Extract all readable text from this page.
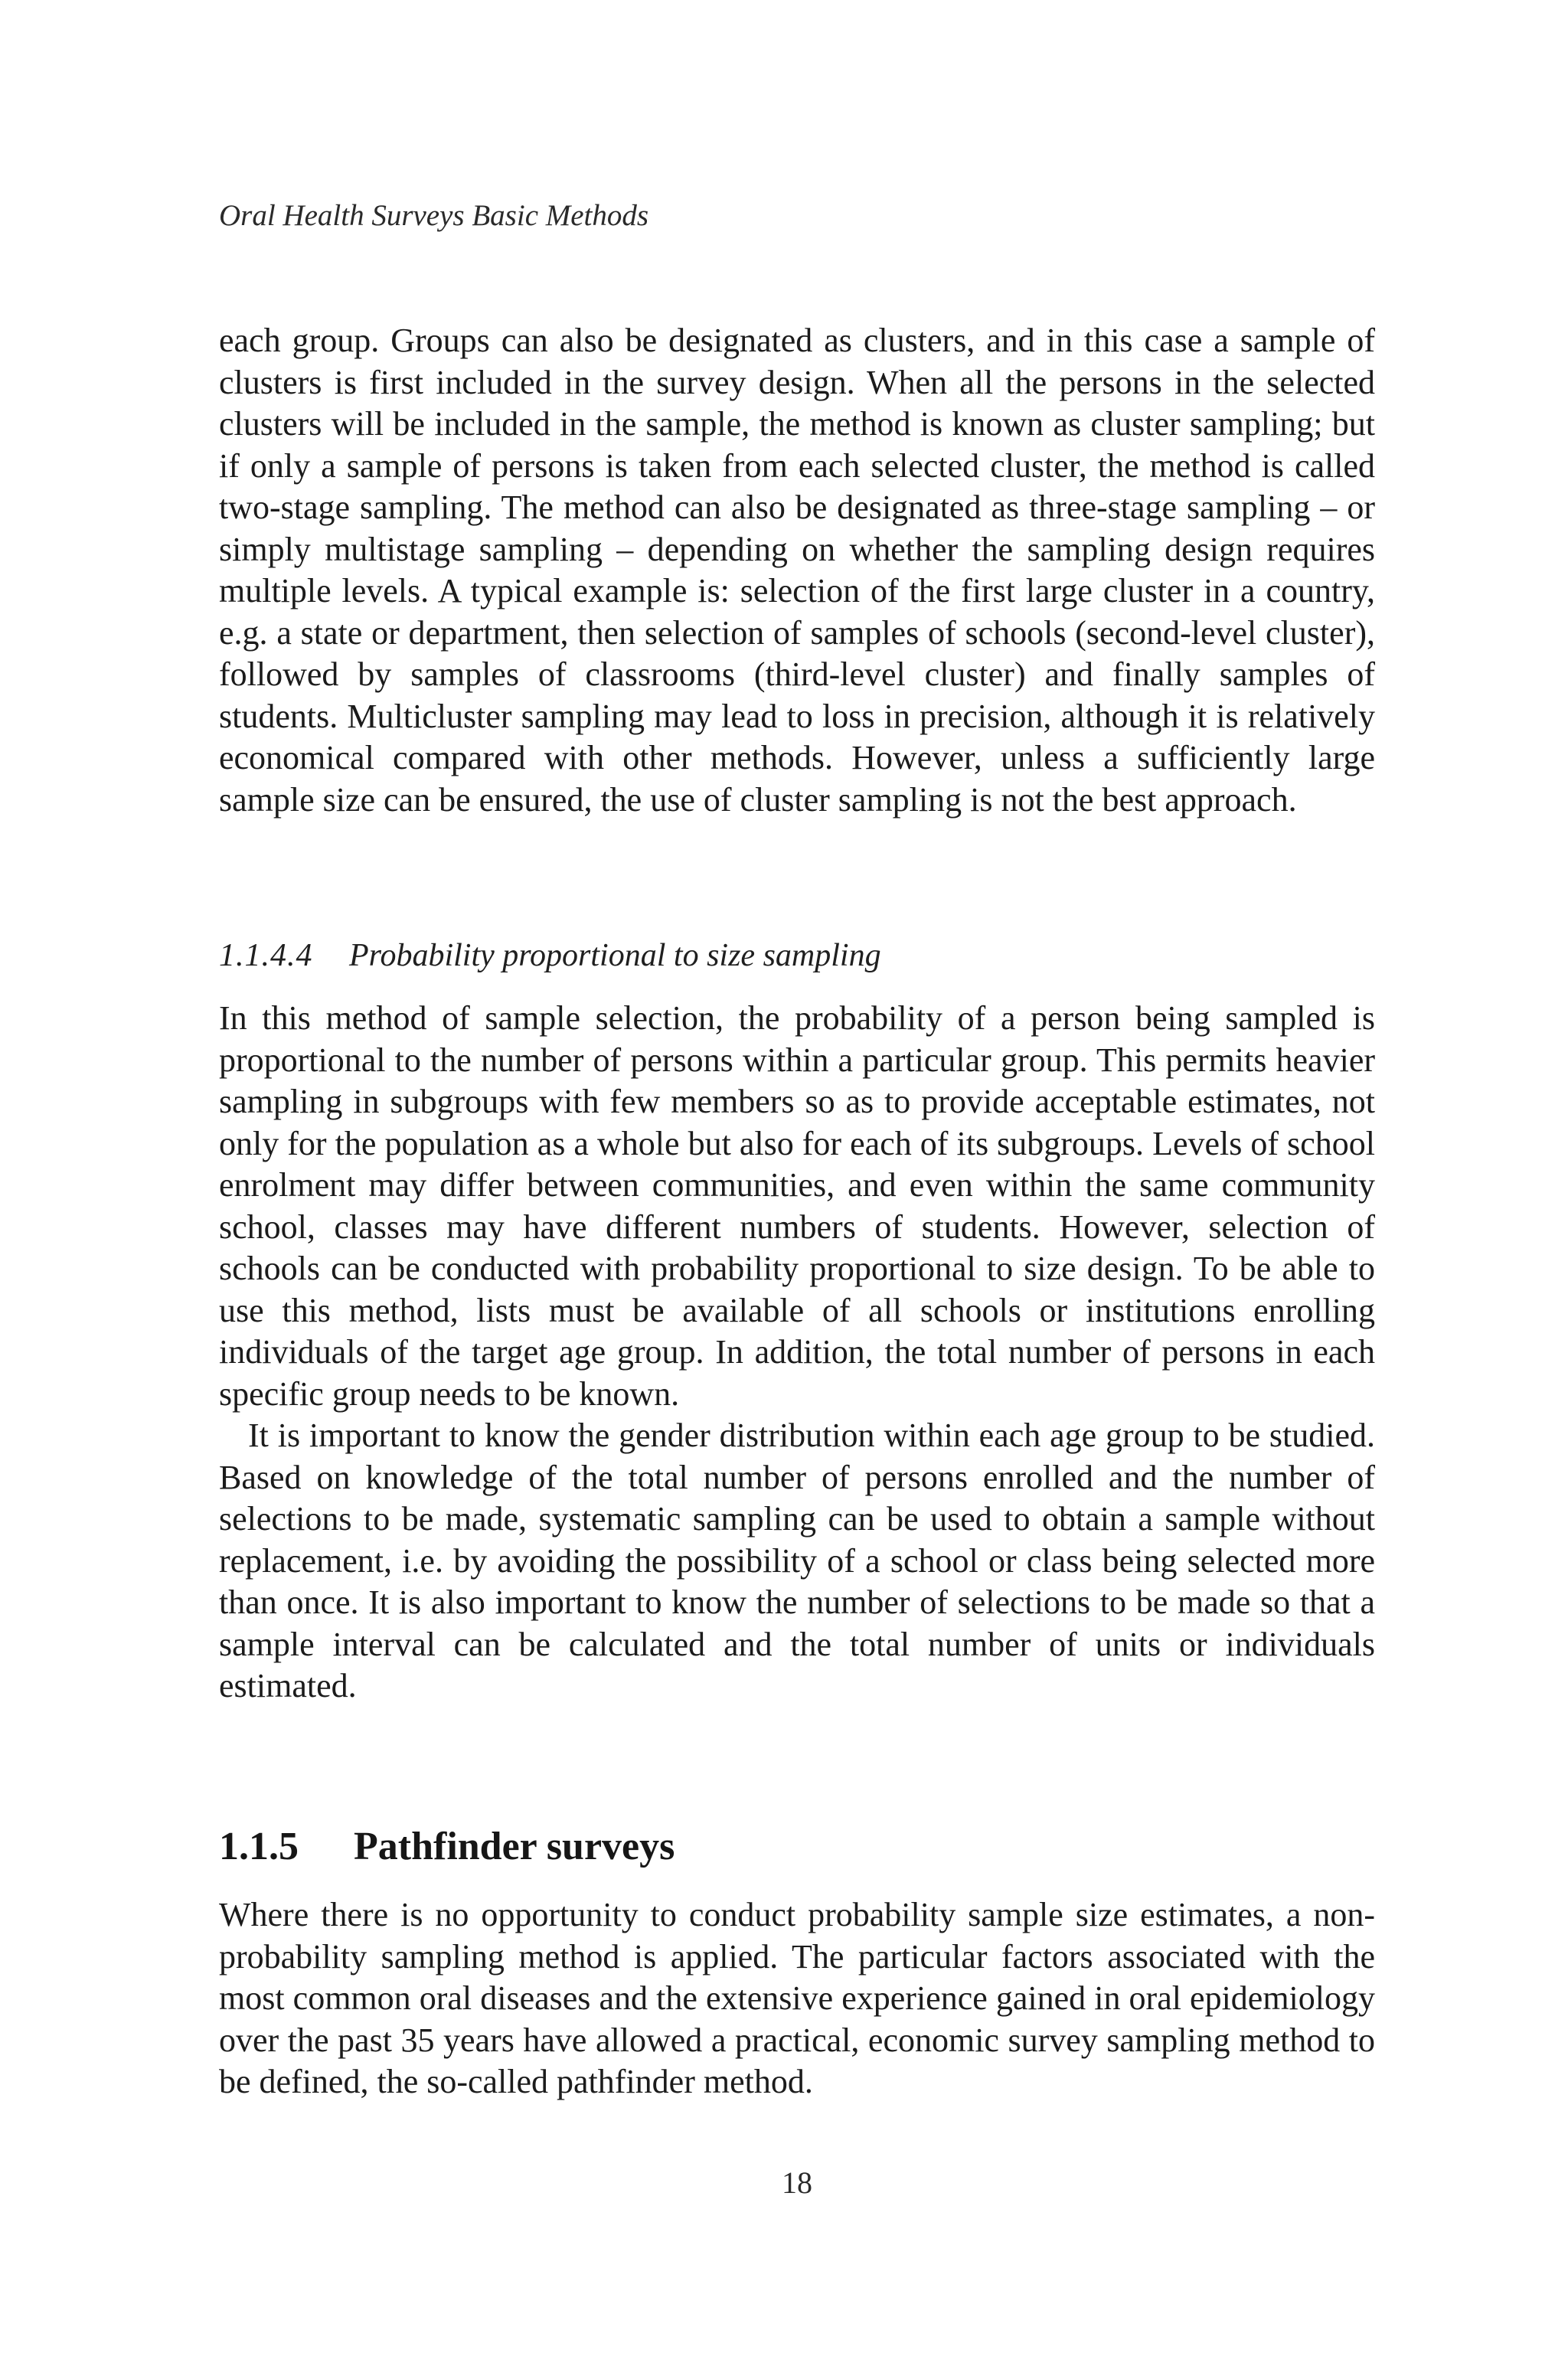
Oral Health Surveys Basic Methods

each group. Groups can also be designated as clusters, and in this case a sample of clusters is first included in the survey design. When all the persons in the selected clusters will be included in the sample, the method is known as cluster sampling; but if only a sample of persons is taken from each selected cluster, the method is called two-stage sampling. The method can also be designated as three-stage sampling – or simply multistage sampling – depending on whether the sampling design requires multiple levels. A typical example is: selection of the first large cluster in a country, e.g. a state or department, then selection of samples of schools (second-level cluster), followed by samples of classrooms (third-level cluster) and finally samples of students. Multicluster sampling may lead to loss in precision, although it is relatively economical compared with other methods. However, unless a sufficiently large sample size can be ensured, the use of cluster sampling is not the best approach.

1.1.4.4 Probability proportional to size sampling

In this method of sample selection, the probability of a person being sampled is proportional to the number of persons within a particular group. This permits heavier sampling in subgroups with few members so as to provide acceptable estimates, not only for the population as a whole but also for each of its subgroups. Levels of school enrolment may differ between communities, and even within the same community school, classes may have different numbers of students. However, selection of schools can be conducted with probability proportional to size design. To be able to use this method, lists must be available of all schools or institutions enrolling individuals of the target age group. In addition, the total number of persons in each specific group needs to be known.

It is important to know the gender distribution within each age group to be studied. Based on knowledge of the total number of persons enrolled and the number of selections to be made, systematic sampling can be used to obtain a sample without replacement, i.e. by avoiding the possibility of a school or class being selected more than once. It is also important to know the number of selections to be made so that a sample interval can be calculated and the total number of units or individuals estimated.

1.1.5 Pathfinder surveys

Where there is no opportunity to conduct probability sample size estimates, a non-probability sampling method is applied. The particular factors associated with the most common oral diseases and the extensive experience gained in oral epidemiology over the past 35 years have allowed a practical, economic survey sampling method to be defined, the so-called pathfinder method.

18
